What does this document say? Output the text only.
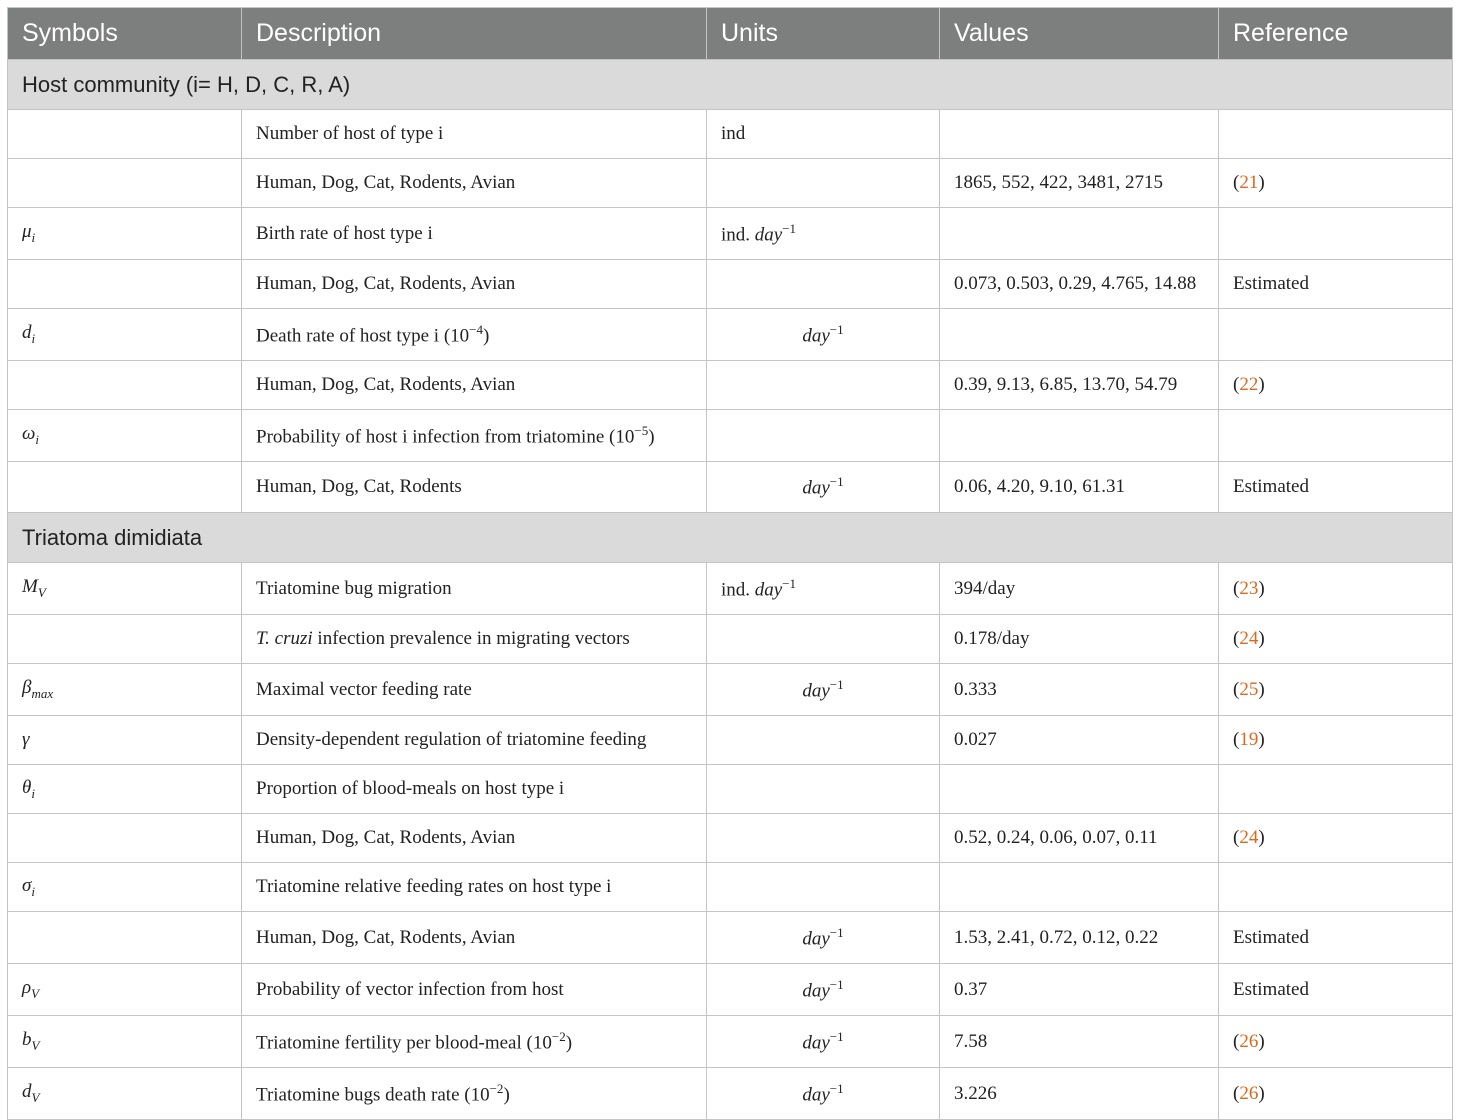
Symbols	Description	Units	Values	Reference
Host community (i= H, D, C, R, A)				
	Number of host of type i	ind		
	Human, Dog, Cat, Rodents, Avian		1865, 552, 422, 3481, 2715	(21)
$\mu_i$	Birth rate of host type i	ind. day$^{-1}$		
	Human, Dog, Cat, Rodents, Avian		0.073, 0.503, 0.29, 4.765, 14.88	Estimated
$d_i$	Death rate of host type i $(10^{-4})$	day$^{-1}$		
	Human, Dog, Cat, Rodents, Avian		0.39, 9.13, 6.85, 13.70, 54.79	(22)
$\omega_i$	Probability of host i infection from triatomine $(10^{-5})$			
	Human, Dog, Cat, Rodents	day$^{-1}$	0.06, 4.20, 9.10, 61.31	Estimated
Triatoma dimidiata				
$M_V$	Triatomine bug migration	ind. day$^{-1}$	394/day	(23)
	T. cruzi infection prevalence in migrating vectors		0.178/day	(24)
$\beta_{max}$	Maximal vector feeding rate	day$^{-1}$	0.333	(25)
γ	Density-dependent regulation of triatomine feeding		0.027	(19)
$\theta_i$	Proportion of blood-meals on host type i			
	Human, Dog, Cat, Rodents, Avian		0.52, 0.24, 0.06, 0.07, 0.11	(24)
$\sigma_i$	Triatomine relative feeding rates on host type i			
	Human, Dog, Cat, Rodents, Avian	day$^{-1}$	1.53, 2.41, 0.72, 0.12, 0.22	Estimated
$\rho_V$	Probability of vector infection from host	day$^{-1}$	0.37	Estimated
$b_V$	Triatomine fertility per blood-meal $(10^{-2})$	day$^{-1}$	7.58	(26)
$d_V$	Triatomine bugs death rate $(10^{-2})$	day$^{-1}$	3.226	(26)
